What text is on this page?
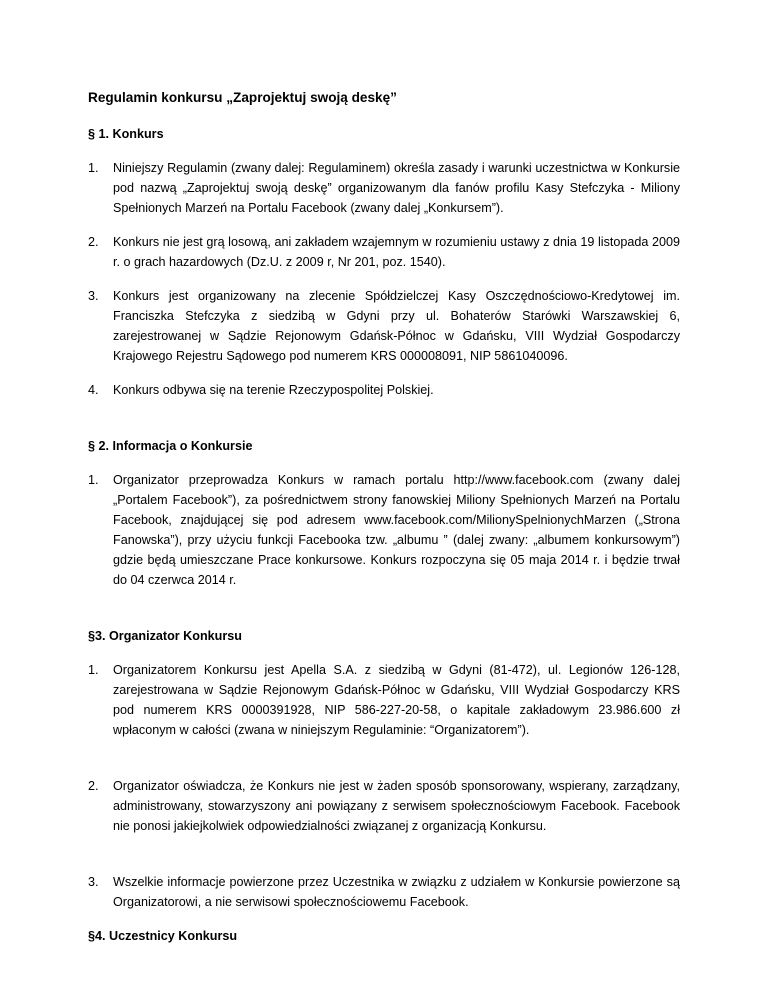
Regulamin konkursu „Zaprojektuj swoją deskę”
§ 1. Konkurs
1. Niniejszy Regulamin (zwany dalej: Regulaminem) określa zasady i warunki uczestnictwa w Konkursie pod nazwą „Zaprojektuj swoją deskę” organizowanym dla fanów profilu Kasy Stefczyka - Miliony Spełnionych Marzeń na Portalu Facebook (zwany dalej „Konkursem”).
2. Konkurs nie jest grą losową, ani zakładem wzajemnym w rozumieniu ustawy z dnia 19 listopada 2009 r. o grach hazardowych (Dz.U. z 2009 r, Nr 201, poz. 1540).
3. Konkurs jest organizowany na zlecenie Spółdzielczej Kasy Oszczędnościowo-Kredytowej im. Franciszka Stefczyka z siedzibą w Gdyni przy ul. Bohaterów Starówki Warszawskiej 6, zarejestrowanej w Sądzie Rejonowym Gdańsk-Północ w Gdańsku, VIII Wydział Gospodarczy Krajowego Rejestru Sądowego pod numerem KRS 000008091, NIP 5861040096.
4. Konkurs odbywa się na terenie Rzeczypospolitej Polskiej.
§ 2. Informacja o Konkursie
1. Organizator przeprowadza Konkurs w ramach portalu http://www.facebook.com (zwany dalej „Portalem Facebook”), za pośrednictwem strony fanowskiej Miliony Spełnionych Marzeń na Portalu Facebook, znajdującej się pod adresem www.facebook.com/MilionySpelnionychMarzen („Strona Fanowska”), przy użyciu funkcji Facebooka tzw. „albumu ” (dalej zwany: „albumem konkursowym”) gdzie będą umieszczane Prace konkursowe. Konkurs rozpoczyna się 05 maja 2014 r. i będzie trwał do 04 czerwca 2014 r.
§3. Organizator Konkursu
1. Organizatorem Konkursu jest Apella S.A. z siedzibą w Gdyni (81-472), ul. Legionów 126-128, zarejestrowana w Sądzie Rejonowym Gdańsk-Północ w Gdańsku, VIII Wydział Gospodarczy KRS pod numerem KRS 0000391928, NIP 586-227-20-58, o kapitale zakładowym 23.986.600 zł wpłaconym w całości (zwana w niniejszym Regulaminie: “Organizatorem”).
2. Organizator oświadcza, że Konkurs nie jest w żaden sposób sponsorowany, wspierany, zarządzany, administrowany, stowarzyszony ani powiązany z serwisem społecznościowym Facebook. Facebook nie ponosi jakiejkolwiek odpowiedzialności związanej z organizacją Konkursu.
3. Wszelkie informacje powierzone przez Uczestnika w związku z udziałem w Konkursie powierzone są Organizatorowi, a nie serwisowi społecznościowemu Facebook.
§4. Uczestnicy Konkursu
